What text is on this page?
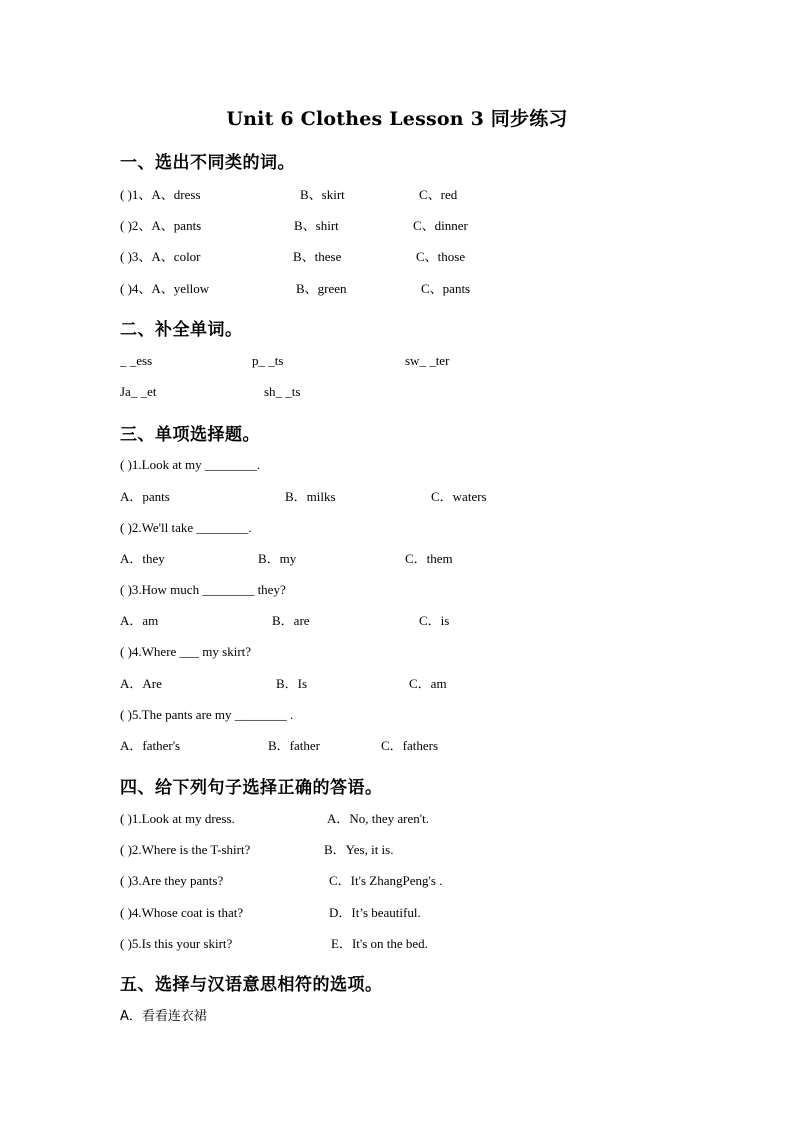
Unit 6 Clothes Lesson 3 同步练习
一、选出不同类的词。
( )1、A、dress	B、skirt	C、red
( )2、A、pants	B、shirt	C、dinner
( )3、A、color	B、these	C、those
( )4、A、yellow	B、green	C、pants
二、补全单词。
_ _ess	p_ _ts	sw_ _ter
Ja_ _et	sh_ _ts
三、单项选择题。
( )1.Look at my ________.
A．pants	B．milks	C．waters
( )2.We'll take ________.
A．they	B．my	C．them
( )3.How much ________ they?
A．am	B．are	C．is
( )4.Where ___ my skirt?
A．Are	B．Is	C．am
( )5.The pants are my ________ .
A．father's	B．father	C．fathers
四、给下列句子选择正确的答语。
( )1.Look at my dress.	A．No, they aren't.
( )2.Where is the T-shirt?	B．Yes, it is.
( )3.Are they pants?	C．It's ZhangPeng's .
( )4.Whose coat is that?	D．It’s beautiful.
( )5.Is this your skirt?	E．It's on the bed.
五、选择与汉语意思相符的选项。
A．看看连衣裙
